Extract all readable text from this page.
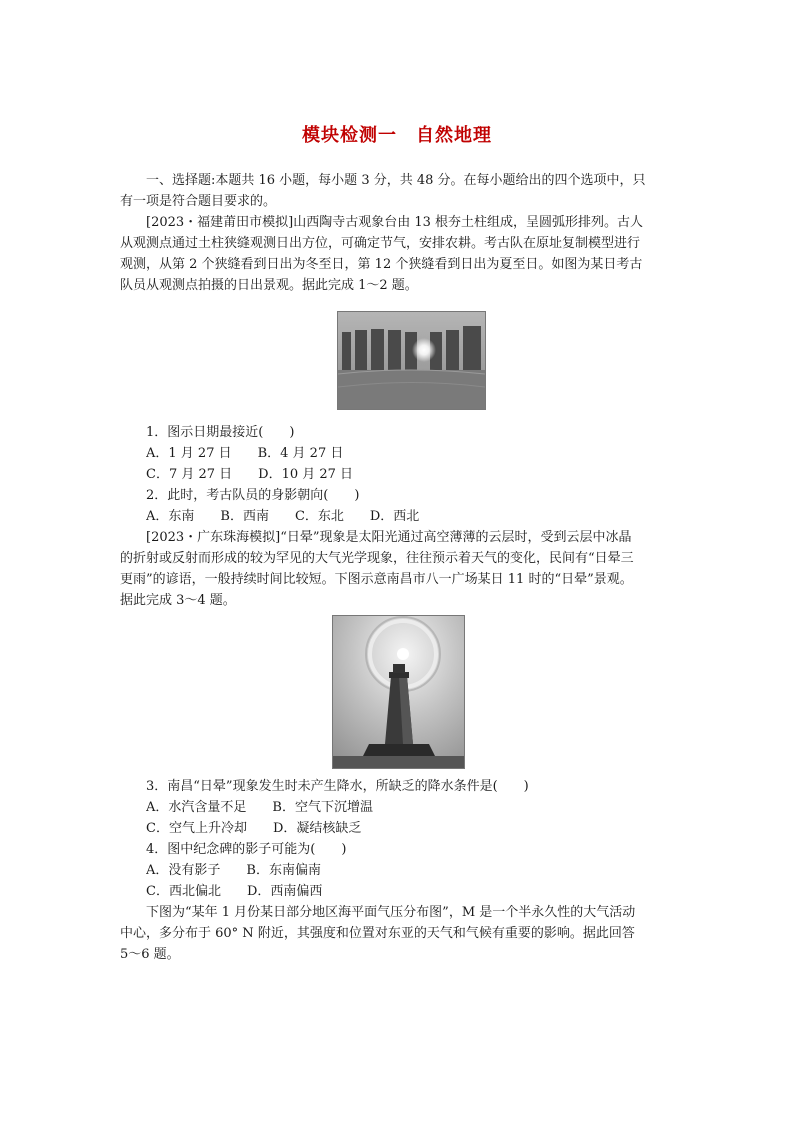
模块检测一　自然地理
一、选择题:本题共 16 小题，每小题 3 分，共 48 分。在每小题给出的四个选项中，只
有一项是符合题目要求的。
[2023・福建莆田市模拟]山西陶寺古观象台由 13 根夯土柱组成，呈圆弧形排列。古人
从观测点通过土柱狭缝观测日出方位，可确定节气，安排农耕。考古队在原址复制模型进行
观测，从第 2 个狭缝看到日出为冬至日，第 12 个狭缝看到日出为夏至日。如图为某日考古
队员从观测点拍摄的日出景观。据此完成 1～2 题。
1．图示日期最接近(　　)
A．1 月 27 日　　B．4 月 27 日
C．7 月 27 日　　D．10 月 27 日
2．此时，考古队员的身影朝向(　　)
A．东南　　B．西南　　C．东北　　D．西北
[2023・广东珠海模拟]“日晕”现象是太阳光通过高空薄薄的云层时，受到云层中冰晶
的折射或反射而形成的较为罕见的大气光学现象，往往预示着天气的变化，民间有“日晕三
更雨”的谚语，一般持续时间比较短。下图示意南昌市八一广场某日 11 时的“日晕”景观。
据此完成 3～4 题。
3．南昌“日晕”现象发生时未产生降水，所缺乏的降水条件是(　　)
A．水汽含量不足　　B．空气下沉增温
C．空气上升冷却　　D．凝结核缺乏
4．图中纪念碑的影子可能为(　　)
A．没有影子　　B．东南偏南
C．西北偏北　　D．西南偏西
下图为“某年 1 月份某日部分地区海平面气压分布图”，M 是一个半永久性的大气活动
中心，多分布于 60° N 附近，其强度和位置对东亚的天气和气候有重要的影响。据此回答
5～6 题。
